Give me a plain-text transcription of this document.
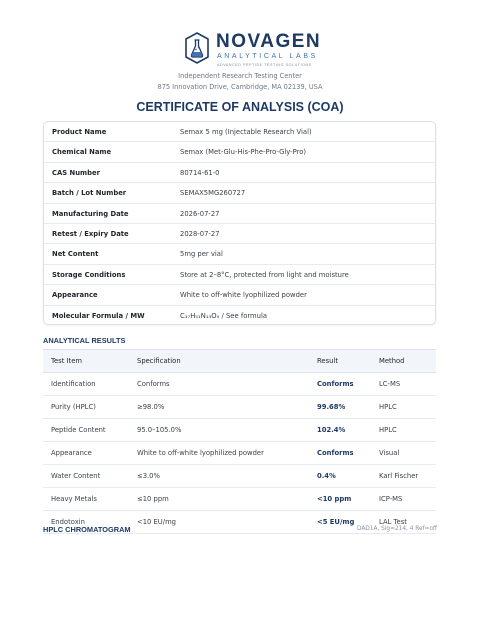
NOVAGEN
ANALYTICAL LABS
ADVANCED PEPTIDE TESTING SOLUTIONS
Independent Research Testing Center
875 Innovation Drive, Cambridge, MA 02139, USA
CERTIFICATE OF ANALYSIS (COA)
Product Name	Semax 5 mg (Injectable Research Vial)
Chemical Name	Semax (Met-Glu-His-Phe-Pro-Gly-Pro)
CAS Number	80714-61-0
Batch / Lot Number	SEMAX5MG260727
Manufacturing Date	2026-07-27
Retest / Expiry Date	2028-07-27
Net Content	5mg per vial
Storage Conditions	Store at 2–8°C, protected from light and moisture
Appearance	White to off-white lyophilized powder
Molecular Formula / MW	C₃₇H₅₁N₁₃O₉ / See formula
ANALYTICAL RESULTS
Test Item	Specification	Result	Method
Identification	Conforms	Conforms	LC-MS
Purity (HPLC)	≥98.0%	99.68%	HPLC
Peptide Content	95.0–105.0%	102.4%	HPLC
Appearance	White to off-white lyophilized powder	Conforms	Visual
Water Content	≤3.0%	0.4%	Karl Fischer
Heavy Metals	≤10 ppm	<10 ppm	ICP-MS
Endotoxin	<10 EU/mg	<5 EU/mg	LAL Test
HPLC CHROMATOGRAM	DAD1A, Sig=214, 4 Ref=off
